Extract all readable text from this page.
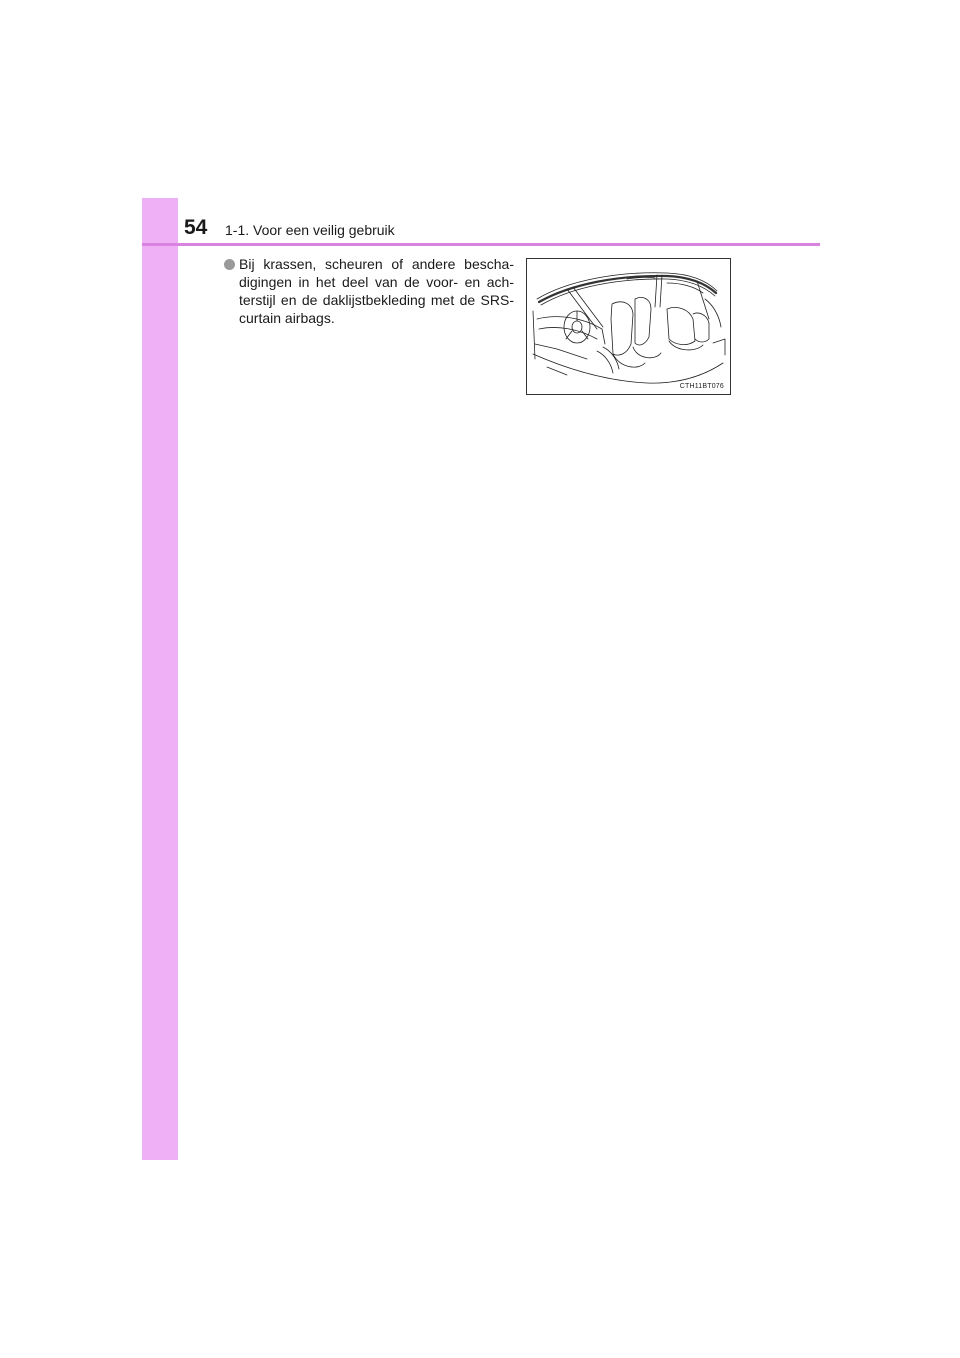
54 1-1. Voor een veilig gebruik
Bij krassen, scheuren of andere bescha-digingen in het deel van de voor- en ach-terstijl en de daklijstbekleding met de SRS-curtain airbags.
CTH11BT076
